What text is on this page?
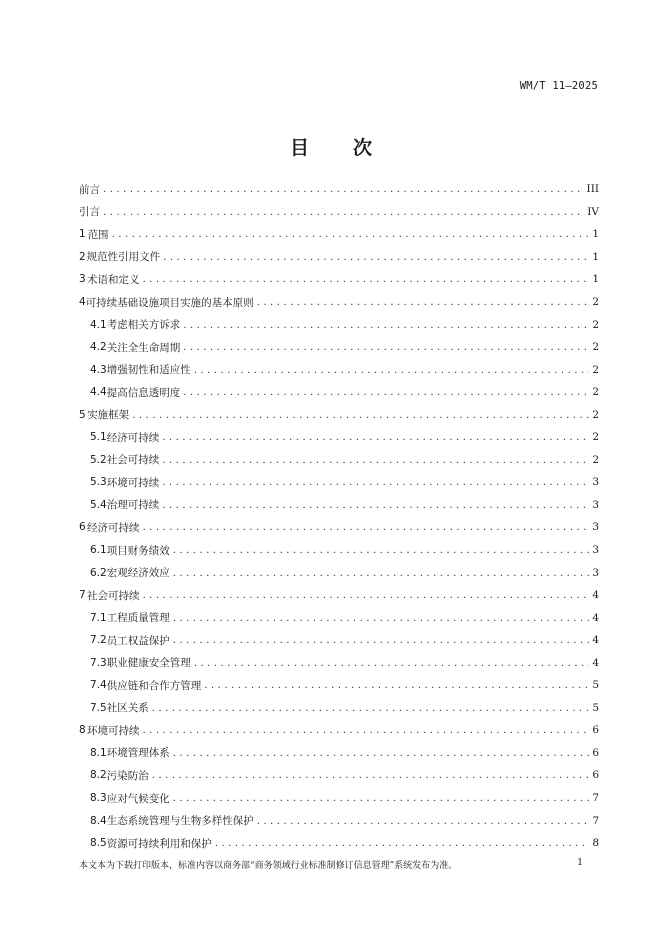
WM/T 11—2025
目 次
前言 . . .	III
引言 . . .	IV
1 范围 . . .	1
2 规范性引用文件 . . .	1
3 术语和定义 . . .	1
4 可持续基础设施项目实施的基本原则 . . .	2
4.1 考虑相关方诉求 . . .	2
4.2 关注全生命周期 . . .	2
4.3 增强韧性和适应性 . . .	2
4.4 提高信息透明度 . . .	2
5 实施框架 . . .	2
5.1 经济可持续 . . .	2
5.2 社会可持续 . . .	2
5.3 环境可持续 . . .	3
5.4 治理可持续 . . .	3
6 经济可持续 . . .	3
6.1 项目财务绩效 . . .	3
6.2 宏观经济效应 . . .	3
7 社会可持续 . . .	4
7.1 工程质量管理 . . .	4
7.2 员工权益保护 . . .	4
7.3 职业健康安全管理 . . .	4
7.4 供应链和合作方管理 . . .	5
7.5 社区关系 . . .	5
8 环境可持续 . . .	6
8.1 环境管理体系 . . .	6
8.2 污染防治 . . .	6
8.3 应对气候变化 . . .	7
8.4 生态系统管理与生物多样性保护 . . .	7
8.5 资源可持续利用和保护 . . .	8
本文本为下载打印版本，标准内容以商务部“商务领域行业标准制修订信息管理”系统发布为准。	1
